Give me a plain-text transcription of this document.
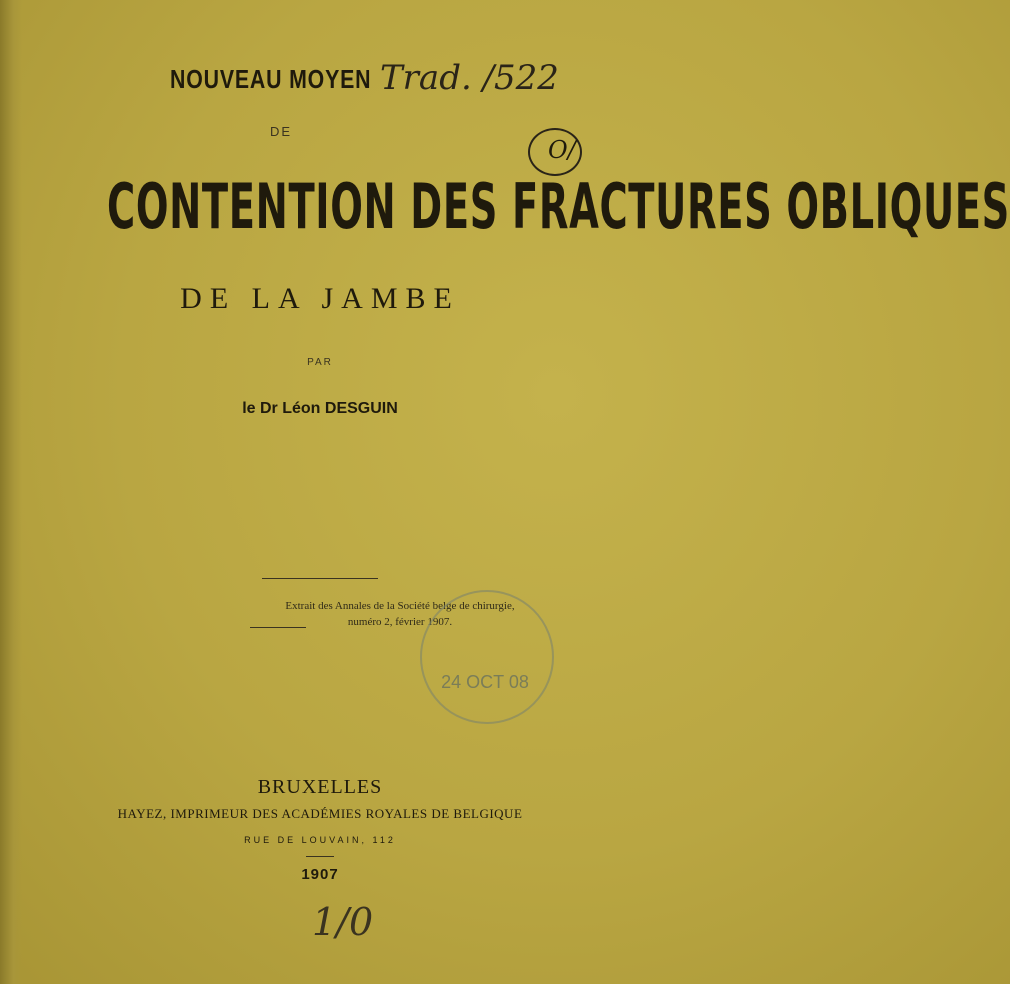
NOUVEAU MOYEN Trad. /522
DE
O/
CONTENTION DES FRACTURES OBLIQUES
DE LA JAMBE
PAR
le Dr Léon DESGUIN
Extrait des Annales de la Société belge de chirurgie,
numéro 2, février 1907.
24 OCT 08
BRUXELLES
HAYEZ, IMPRIMEUR DES ACADÉMIES ROYALES DE BELGIQUE
RUE DE LOUVAIN, 112
1907
1/0
